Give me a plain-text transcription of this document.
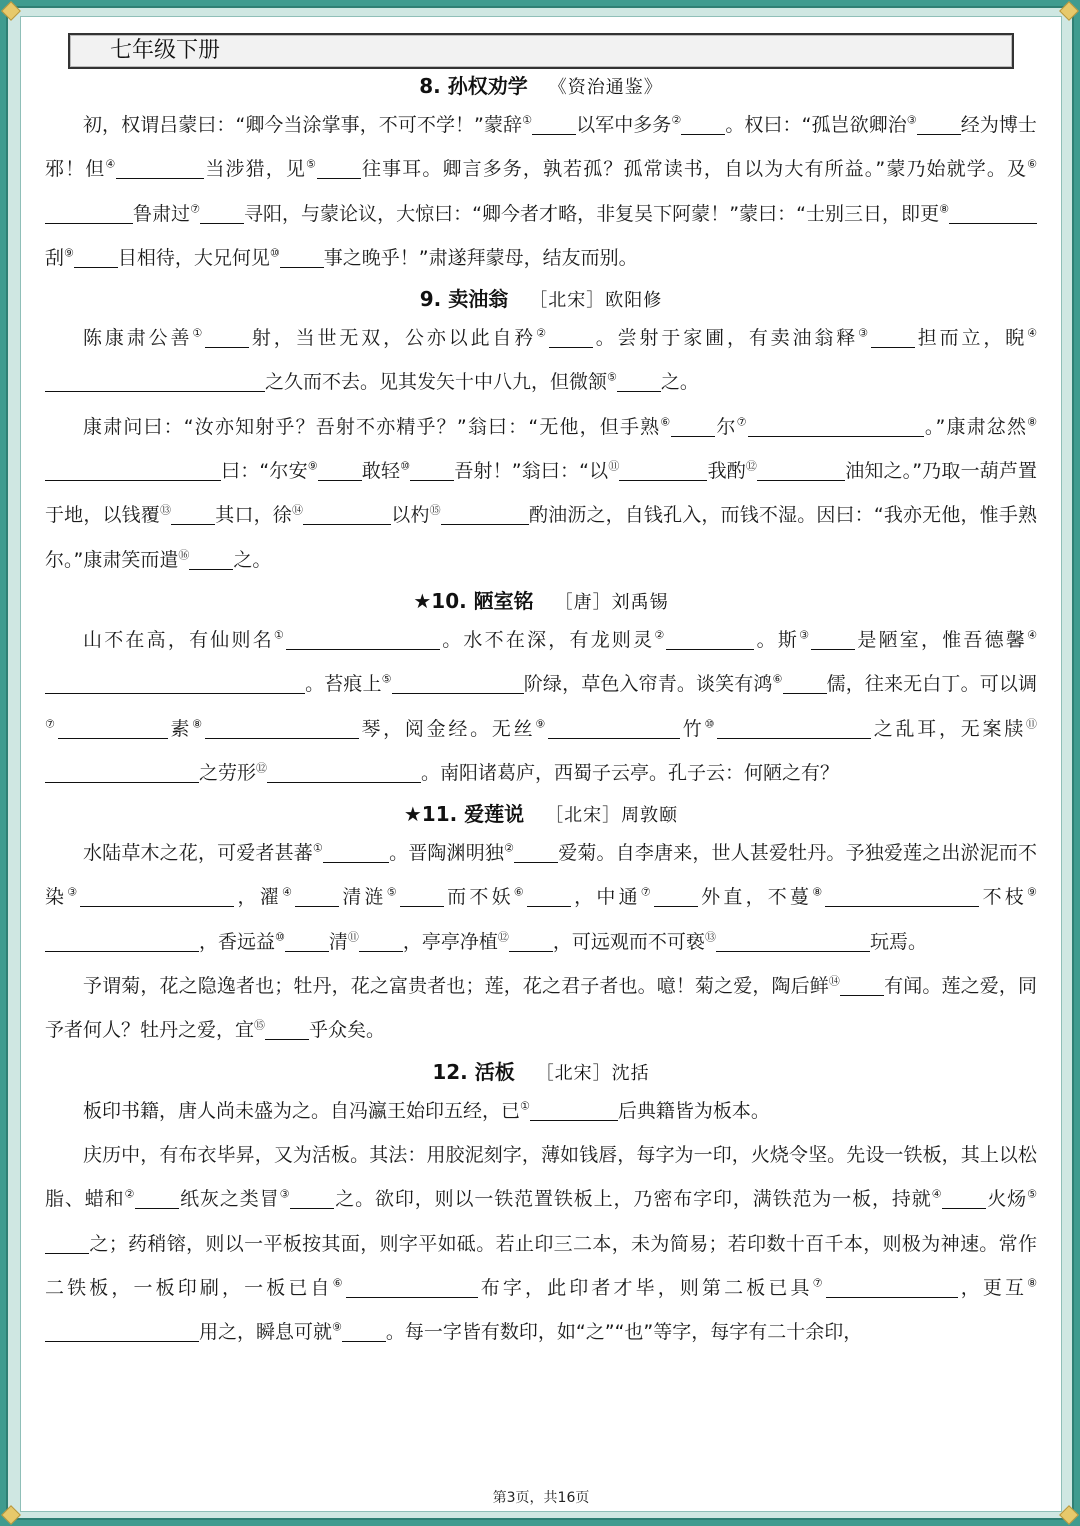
七年级下册
8. 孙权劝学 《资治通鉴》

初，权谓吕蒙曰：“卿今当涂掌事，不可不学！”蒙辞① 以军中多务② 。权曰：“孤岂欲卿治③ 经为博士邪！但④	当涉猎，见⑤ 往事耳。卿言多务，孰若孤？孤常读书，自以为大有所益。”蒙乃始就学。及⑥鲁肃过⑦ 寻阳，与蒙论议，大惊曰：“卿今者才略，非复吴下阿蒙！”蒙曰：“士别三日，即更⑧刮⑨ 目相待，大兄何见⑩ 事之晚乎！”肃遂拜蒙母，结友而别。

9. 卖油翁 ［北宋］欧阳修

陈康肃公善① 射，当世无双，公亦以此自矜② 。尝射于家圃，有卖油翁释③ 担而立，睨④之久而不去。见其发矢十中八九，但微颔⑤ 之。

康肃问曰：“汝亦知射乎？吾射不亦精乎？”翁曰：“无他，但手熟⑥ 尔⑦	。”康肃忿然⑧曰：“尔安⑨ 敢轻⑩ 吾射！”翁曰：“以⑪	我酌⑫	油知之。”乃取一葫芦置于地，以钱覆⑬ 其口，徐⑭	以杓⑮	酌油沥之，自钱孔入，而钱不湿。因曰：“我亦无他，惟手熟尔。”康肃笑而遣⑯ 之。

★10. 陋室铭 ［唐］刘禹锡

山不在高，有仙则名①	。水不在深，有龙则灵②	。斯③ 是陋室，惟吾德馨④。苔痕上⑤	阶绿，草色入帘青。谈笑有鸿⑥ 儒，往来无白丁。可以调⑦	素⑧	琴，阅金经。无丝⑨	竹⑩	之乱耳，无案牍⑪之劳形⑫	。南阳诸葛庐，西蜀子云亭。孔子云：何陋之有？

★11. 爱莲说 ［北宋］周敦颐

水陆草木之花，可爱者甚蕃①	。晋陶渊明独② 爱菊。自李唐来，世人甚爱牡丹。予独爱莲之出淤泥而不染③	，濯④ 清涟⑤ 而不妖⑥ ，中通⑦ 外直，不蔓⑧	不枝⑨，香远益⑩ 清⑪ ，亭亭净植⑫ ，可远观而不可亵⑬	玩焉。

予谓菊，花之隐逸者也；牡丹，花之富贵者也；莲，花之君子者也。噫！菊之爱，陶后鲜⑭ 有闻。莲之爱，同予者何人？牡丹之爱，宜⑮ 乎众矣。

12. 活板 ［北宋］沈括

板印书籍，唐人尚未盛为之。自冯瀛王始印五经，已①	后典籍皆为板本。

庆历中，有布衣毕昇，又为活板。其法：用胶泥刻字，薄如钱唇，每字为一印，火烧令坚。先设一铁板，其上以松脂、蜡和② 纸灰之类冒③ 之。欲印，则以一铁范置铁板上，乃密布字印，满铁范为一板，持就④ 火炀⑤之；药稍镕，则以一平板按其面，则字平如砥。若止印三二本，未为简易；若印数十百千本，则极为神速。常作二铁板，一板印刷，一板已自⑥	布字，此印者才毕，则第二板已具⑦	，更互⑧用之，瞬息可就⑨ 。每一字皆有数印，如“之”“也”等字，每字有二十余印，

第3页，共16页
